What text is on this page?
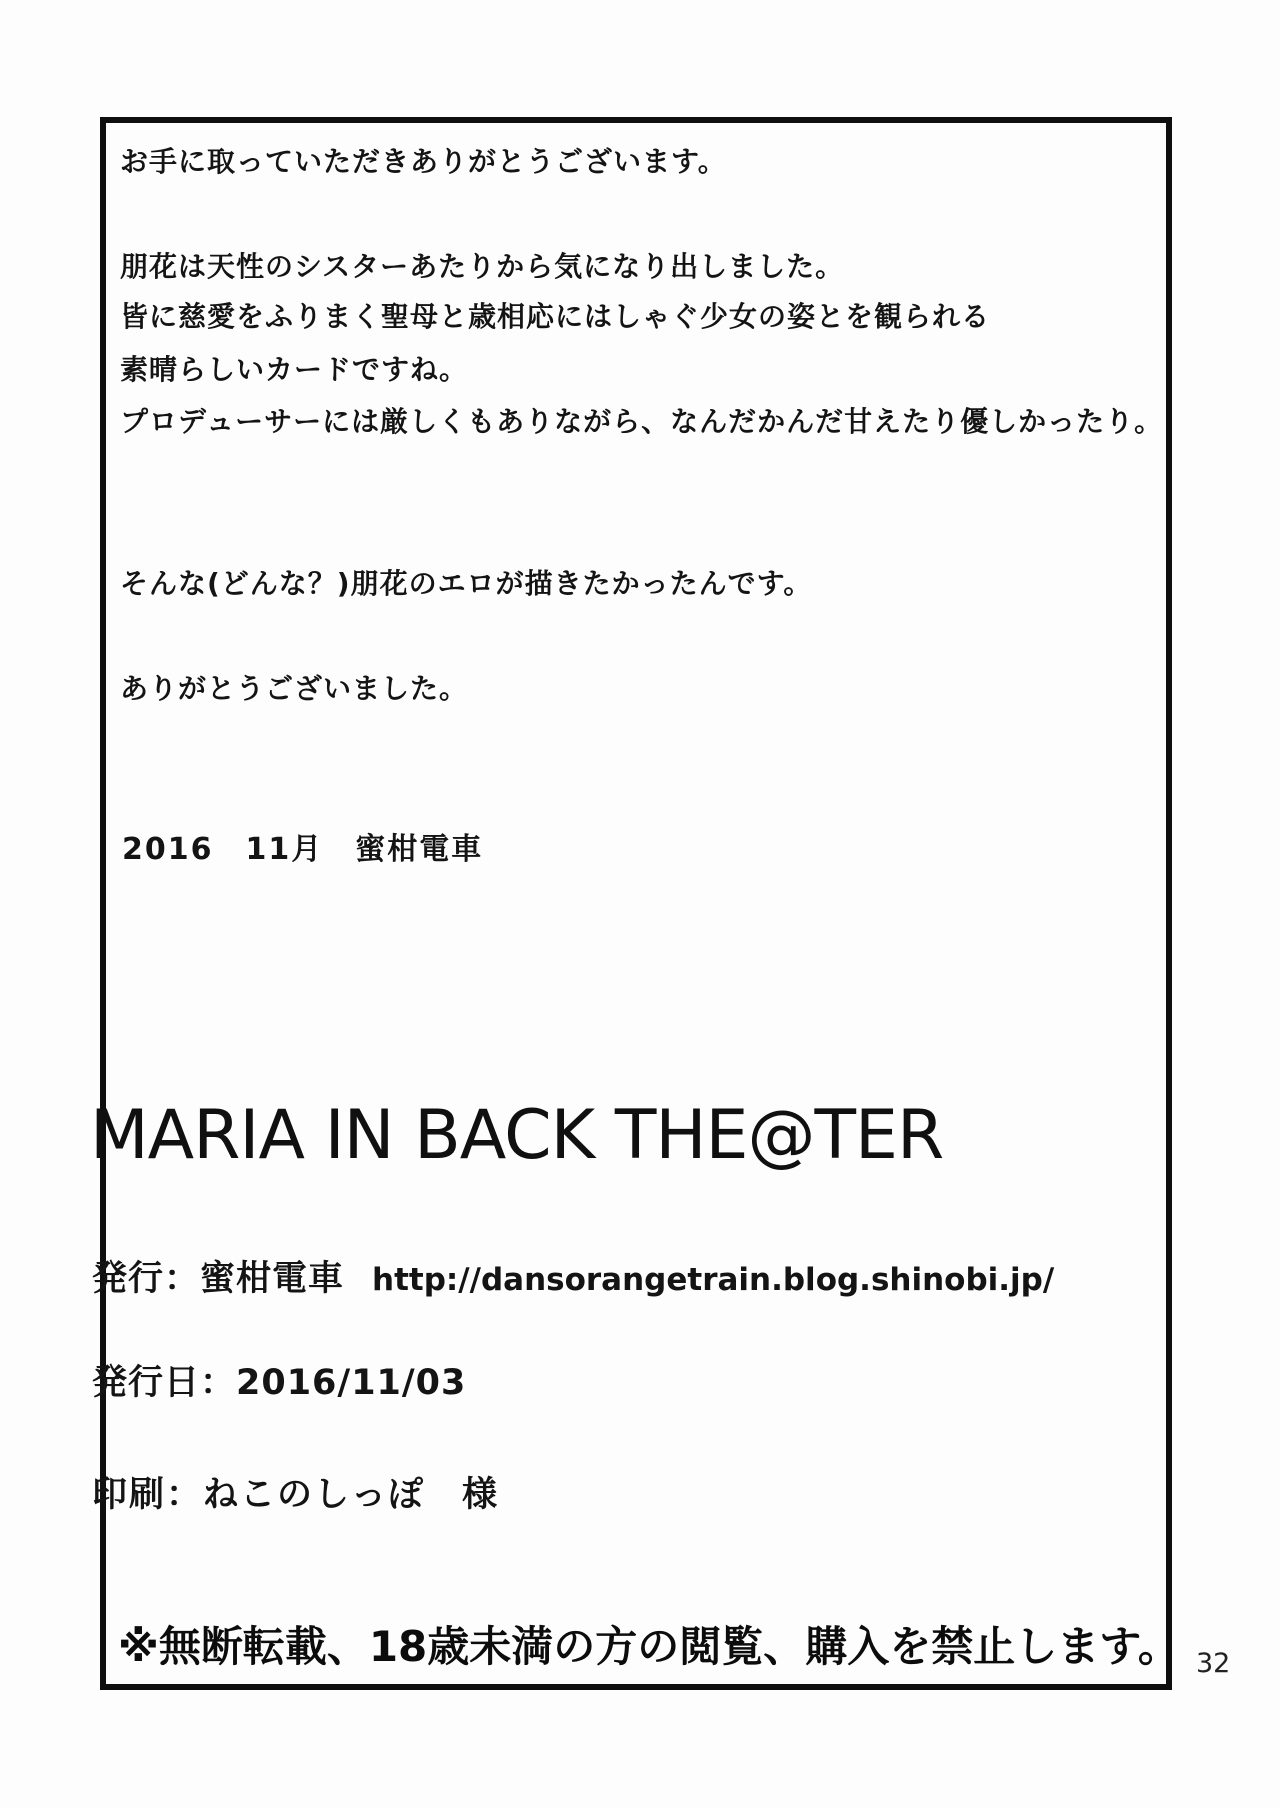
お手に取っていただきありがとうございます。
朋花は天性のシスターあたりから気になり出しました。
皆に慈愛をふりまく聖母と歳相応にはしゃぐ少女の姿とを観られる
素晴らしいカードですね。
プロデューサーには厳しくもありながら、なんだかんだ甘えたり優しかったり。
そんな(どんな？)朋花のエロが描きたかったんです。
ありがとうございました。
2016　11月　蜜柑電車
MARIA IN BACK THE@TER
発行：蜜柑電車 http://dansorangetrain.blog.shinobi.jp/
発行日：2016/11/03
印刷：ねこのしっぽ　様
※無断転載、18歳未満の方の閲覧、購入を禁止します。 32
